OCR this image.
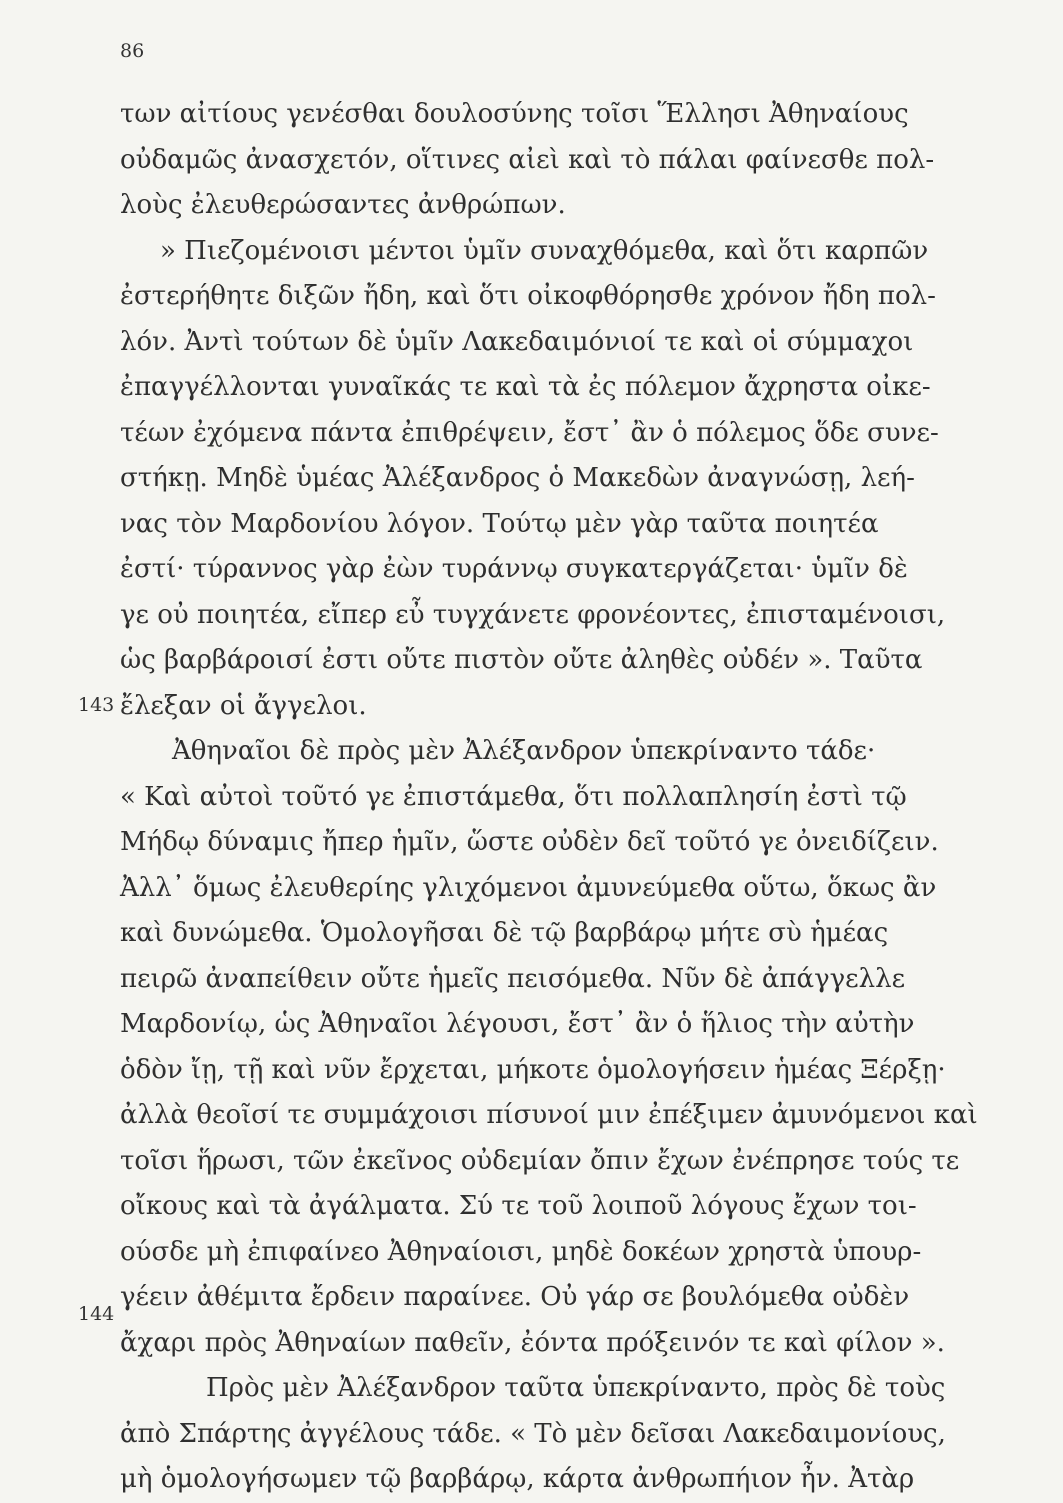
86
143
144
των αἰτίους γενέσθαι δουλοσύνης τοῖσι Ἕλλησι Ἀθηναίους
οὐδαμῶς ἀνασχετόν, οἵτινες αἰεὶ καὶ τὸ πάλαι φαίνεσθε πολ-
λοὺς ἐλευθερώσαντες ἀνθρώπων.
» Πιεζομένοισι μέντοι ὑμῖν συναχθόμεθα, καὶ ὅτι καρπῶν
ἐστερήθητε διξῶν ἤδη, καὶ ὅτι οἰκοφθόρησθε χρόνον ἤδη πολ-
λόν. Ἀντὶ τούτων δὲ ὑμῖν Λακεδαιμόνιοί τε καὶ οἱ σύμμαχοι
ἐπαγγέλλονται γυναῖκάς τε καὶ τὰ ἐς πόλεμον ἄχρηστα οἰκε-
τέων ἐχόμενα πάντα ἐπιθρέψειν, ἔστ᾽ ἂν ὁ πόλεμος ὅδε συνε-
στήκῃ. Μηδὲ ὑμέας Ἀλέξανδρος ὁ Μακεδὼν ἀναγνώσῃ, λεή-
νας τὸν Μαρδονίου λόγον. Τούτῳ μὲν γὰρ ταῦτα ποιητέα
ἐστί· τύραννος γὰρ ἐὼν τυράννῳ συγκατεργάζεται· ὑμῖν δὲ
γε οὐ ποιητέα, εἴπερ εὖ τυγχάνετε φρονέοντες, ἐπισταμένοισι,
ὡς βαρβάροισί ἐστι οὔτε πιστὸν οὔτε ἀληθὲς οὐδέν ». Ταῦτα
ἔλεξαν οἱ ἄγγελοι.
Ἀθηναῖοι δὲ πρὸς μὲν Ἀλέξανδρον ὑπεκρίναντο τάδε·
« Καὶ αὐτοὶ τοῦτό γε ἐπιστάμεθα, ὅτι πολλαπλησίη ἐστὶ τῷ
Μήδῳ δύναμις ἤπερ ἡμῖν, ὥστε οὐδὲν δεῖ τοῦτό γε ὀνειδίζειν.
Ἀλλ᾽ ὅμως ἐλευθερίης γλιχόμενοι ἀμυνεύμεθα οὕτω, ὅκως ἂν
καὶ δυνώμεθα. Ὁμολογῆσαι δὲ τῷ βαρβάρῳ μήτε σὺ ἡμέας
πειρῶ ἀναπείθειν οὔτε ἡμεῖς πεισόμεθα. Νῦν δὲ ἀπάγγελλε
Μαρδονίῳ, ὡς Ἀθηναῖοι λέγουσι, ἔστ᾽ ἂν ὁ ἥλιος τὴν αὐτὴν
ὁδὸν ἴῃ, τῇ καὶ νῦν ἔρχεται, μήκοτε ὁμολογήσειν ἡμέας Ξέρξῃ·
ἀλλὰ θεοῖσί τε συμμάχοισι πίσυνοί μιν ἐπέξιμεν ἀμυνόμενοι καὶ
τοῖσι ἥρωσι, τῶν ἐκεῖνος οὐδεμίαν ὄπιν ἔχων ἐνέπρησε τούς τε
οἴκους καὶ τὰ ἀγάλματα. Σύ τε τοῦ λοιποῦ λόγους ἔχων τοι-
ούσδε μὴ ἐπιφαίνεο Ἀθηναίοισι, μηδὲ δοκέων χρηστὰ ὑπουρ-
γέειν ἀθέμιτα ἔρδειν παραίνεε. Οὐ γάρ σε βουλόμεθα οὐδὲν
ἄχαρι πρὸς Ἀθηναίων παθεῖν, ἐόντα πρόξεινόν τε καὶ φίλον ».
Πρὸς μὲν Ἀλέξανδρον ταῦτα ὑπεκρίναντο, πρὸς δὲ τοὺς
ἀπὸ Σπάρτης ἀγγέλους τάδε. « Τὸ μὲν δεῖσαι Λακεδαιμονίους,
μὴ ὁμολογήσωμεν τῷ βαρβάρῳ, κάρτα ἀνθρωπήιον ἦν. Ἀτὰρ
